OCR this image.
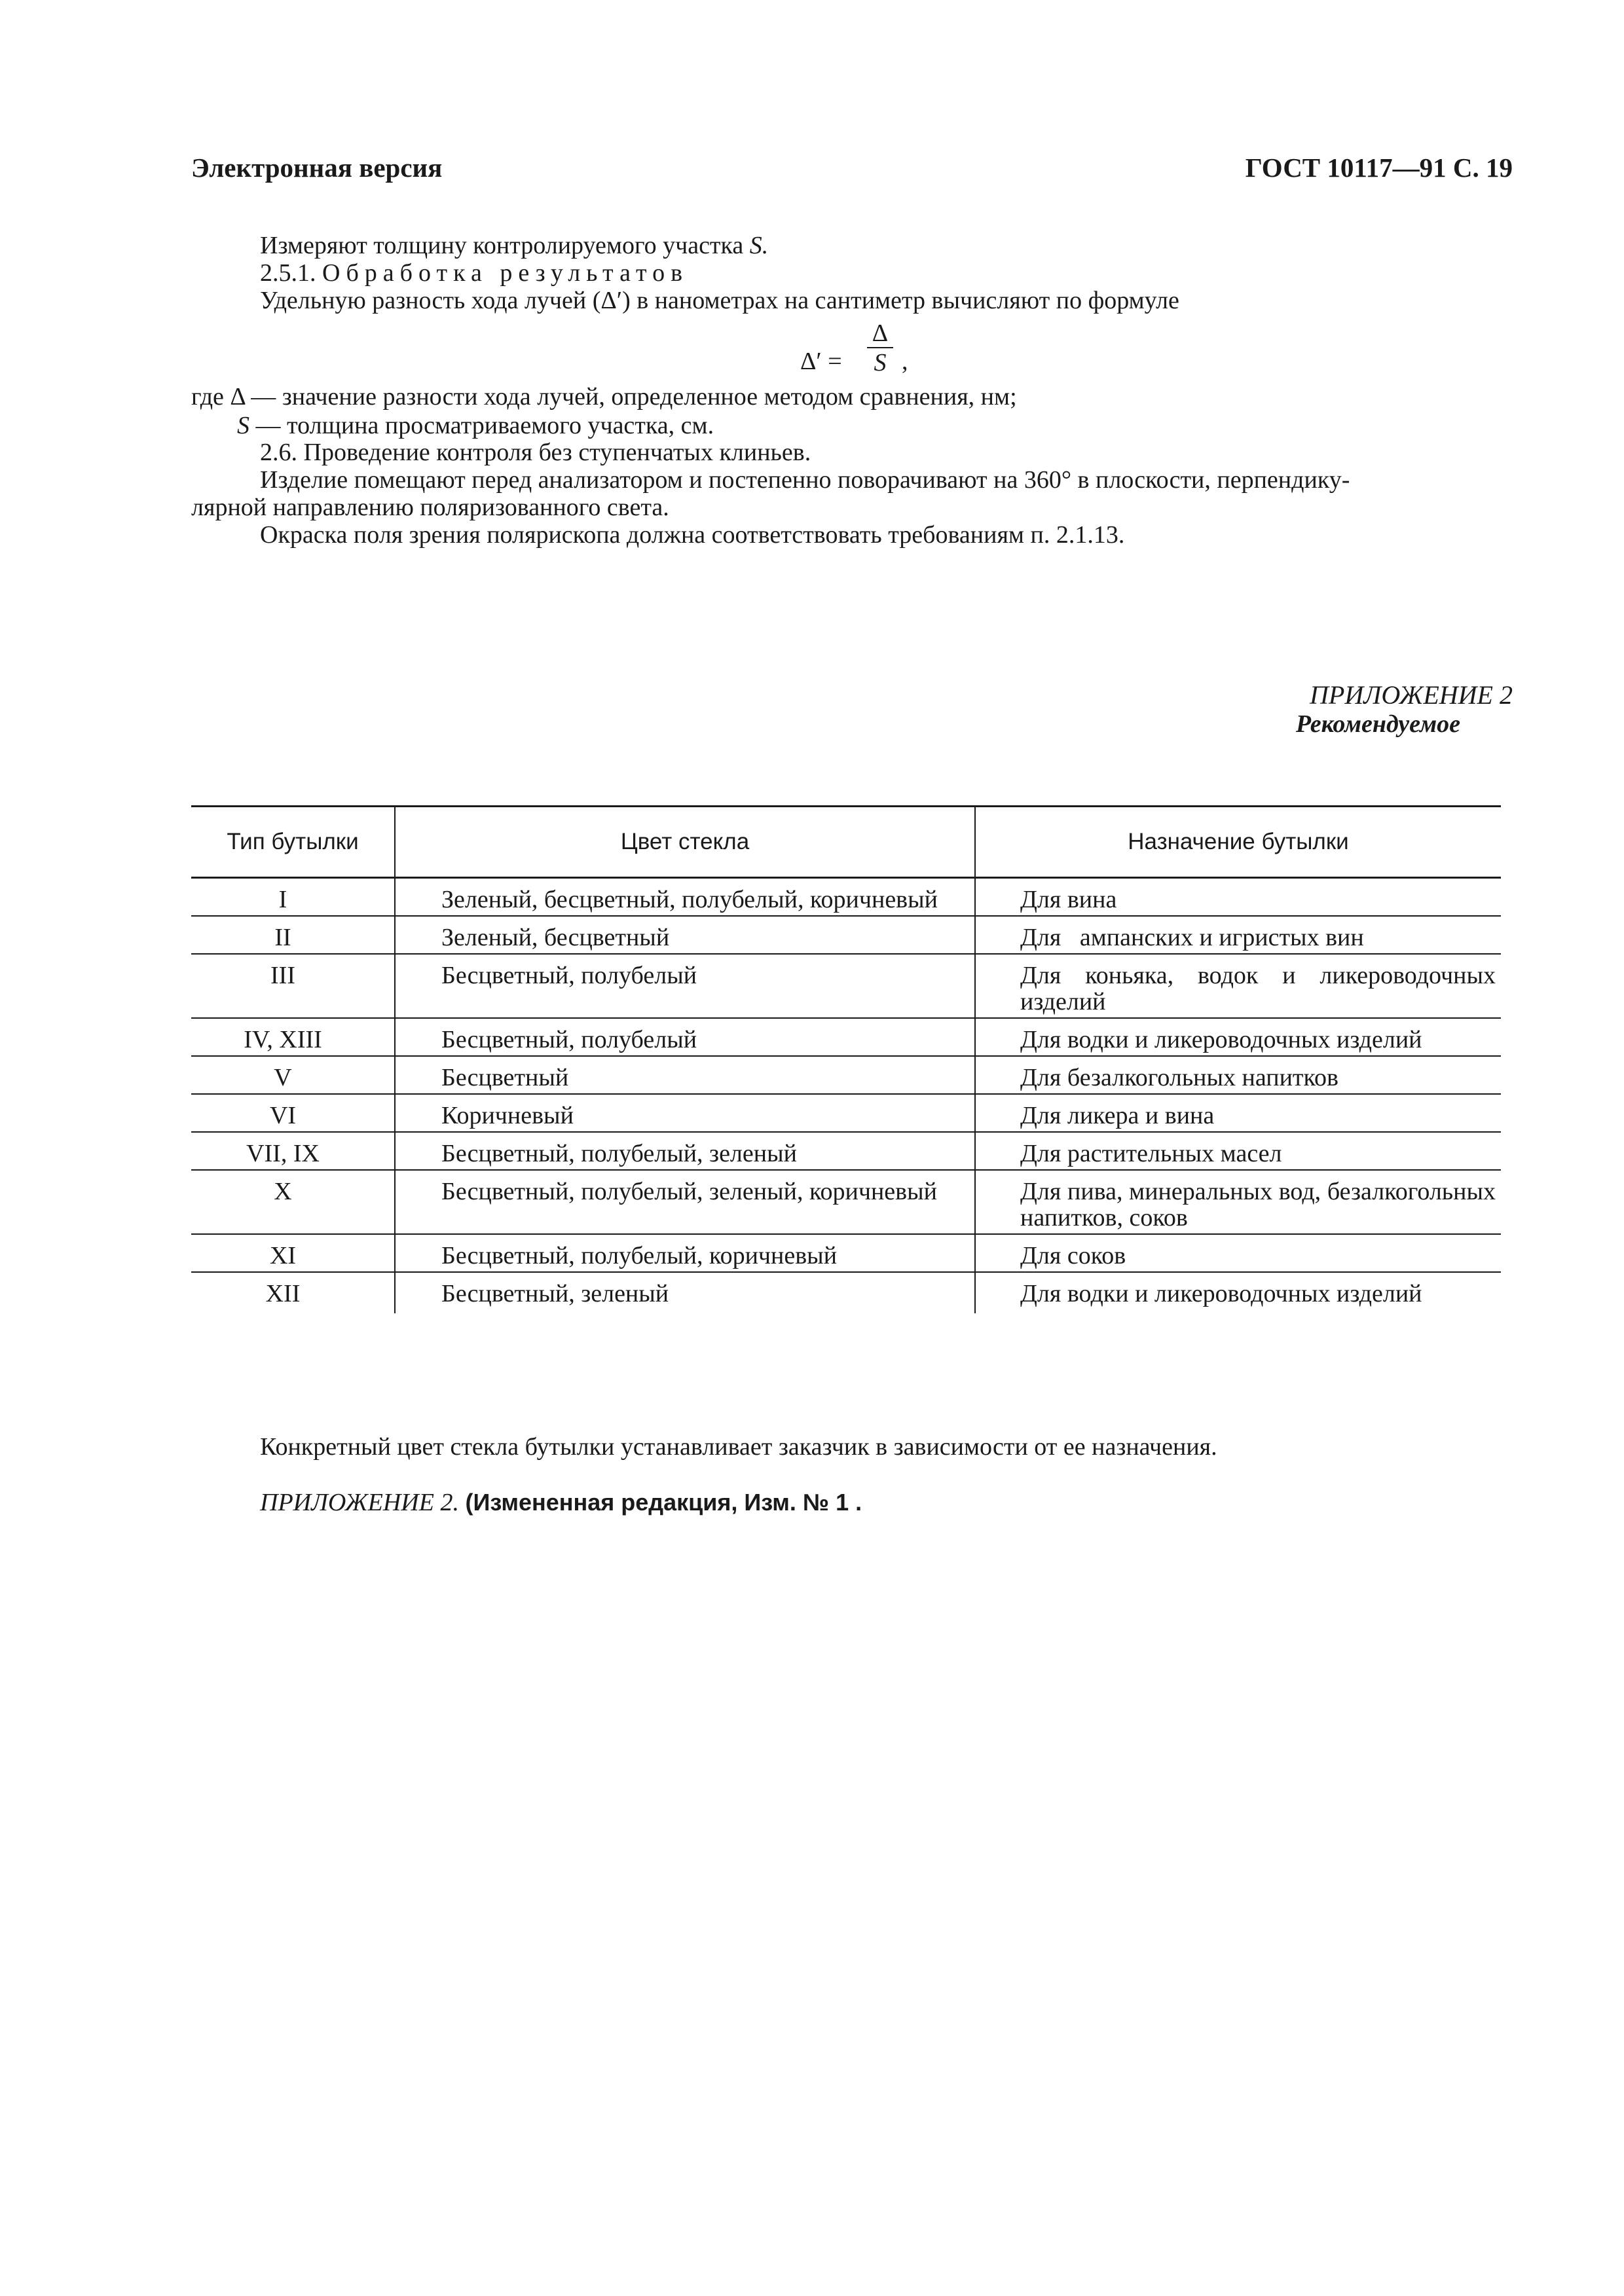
Электронная версия	ГОСТ 10117—91 С. 19
Измеряют толщину контролируемого участка S.
2.5.1. Обработка результатов
Удельную разность хода лучей (Δ′) в нанометрах на сантиметр вычисляют по формуле
Δ′ =
Δ
S ,
где Δ — значение разности хода лучей, определенное методом сравнения, нм;
S — толщина просматриваемого участка, см.
2.6. Проведение контроля без ступенчатых клиньев.
Изделие помещают перед анализатором и постепенно поворачивают на 360° в плоскости, перпендику-
лярной направлению поляризованного света.
Окраска поля зрения полярископа должна соответствовать требованиям п. 2.1.13.
ПРИЛОЖЕНИЕ 2
Рекомендуемое
Тип бутылки	Цвет стекла	Назначение бутылки
I	Зеленый, бесцветный, полубелый, коричневый	Для вина

II	Зеленый, бесцветный	Для   ампанских и игристых вин

III	Бесцветный, полубелый	Для коньяка, водок и ликероводочных изделий

IV, XIII	Бесцветный, полубелый	Для водки и ликероводочных изделий

V	Бесцветный	Для безалкогольных напитков

VI	Коричневый	Для ликера и вина

VII, IX	Бесцветный, полубелый, зеленый	Для растительных масел

X	Бесцветный, полубелый, зеленый, коричневый	Для пива, минеральных вод, безалкогольных напитков, соков

XI	Бесцветный, полубелый, коричневый	Для соков

XII	Бесцветный, зеленый	Для водки и ликероводочных изделий
Конкретный цвет стекла бутылки устанавливает заказчик в зависимости от ее назначения.
ПРИЛОЖЕНИЕ 2. (Измененная редакция, Изм. № 1 .
